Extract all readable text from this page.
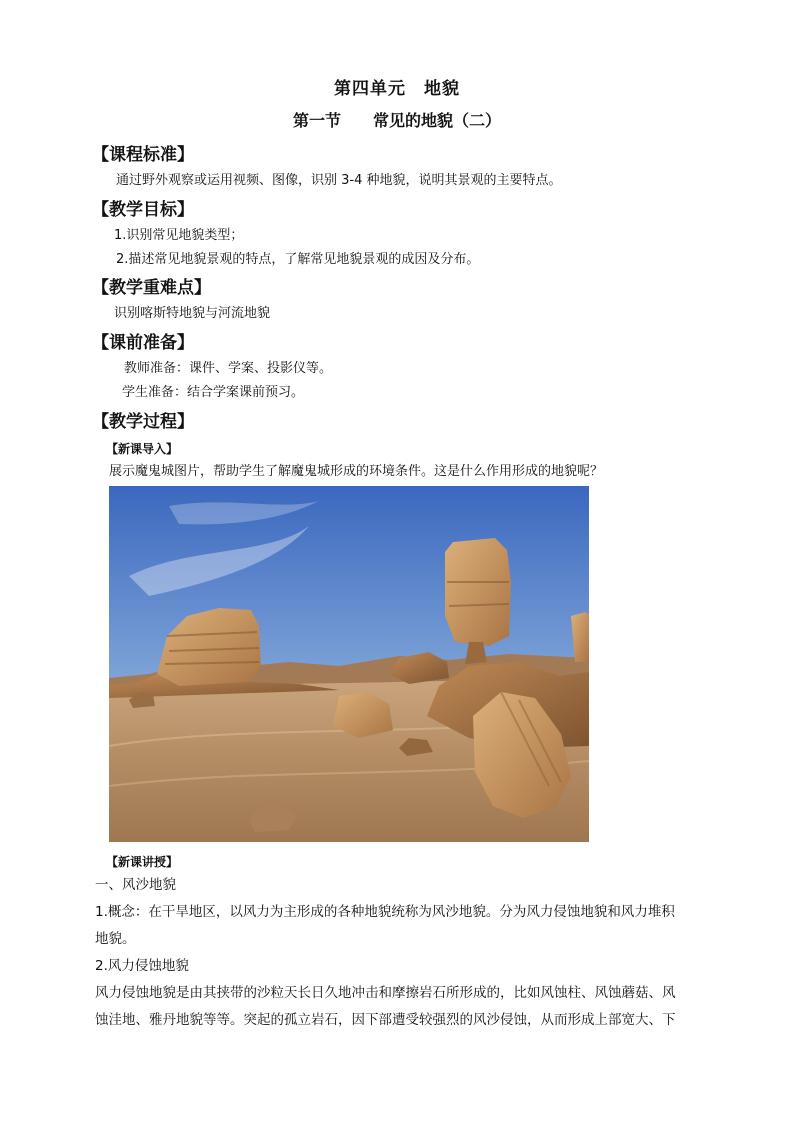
第四单元　地貌
第一节　　常见的地貌（二）
【课程标准】
通过野外观察或运用视频、图像，识别 3-4 种地貌，说明其景观的主要特点。
【教学目标】
1.识别常见地貌类型；
2.描述常见地貌景观的特点，了解常见地貌景观的成因及分布。
【教学重难点】
识别喀斯特地貌与河流地貌
【课前准备】
教师准备：课件、学案、投影仪等。
学生准备：结合学案课前预习。
【教学过程】
【新课导入】
展示魔鬼城图片，帮助学生了解魔鬼城形成的环境条件。这是什么作用形成的地貌呢？
【新课讲授】
一、风沙地貌
1.概念：在干旱地区，以风力为主形成的各种地貌统称为风沙地貌。分为风力侵蚀地貌和风力堆积
地貌。
2.风力侵蚀地貌
风力侵蚀地貌是由其挟带的沙粒天长日久地冲击和摩擦岩石所形成的，比如风蚀柱、风蚀蘑菇、风
蚀洼地、雅丹地貌等等。突起的孤立岩石，因下部遭受较强烈的风沙侵蚀，从而形成上部宽大、下
